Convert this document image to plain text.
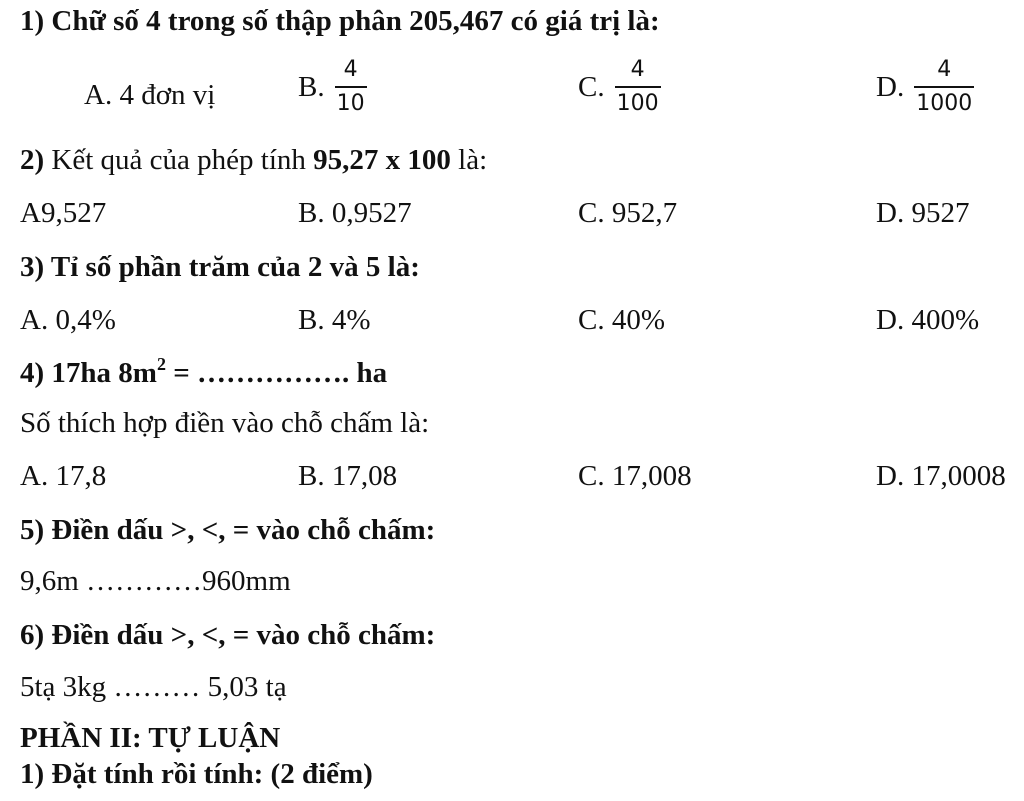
1) Chữ số 4 trong số thập phân 205,467 có giá trị là:
A. 4 đơn vị	B. $\frac{4}{10}$	C. $\frac{4}{100}$	D. $\frac{4}{1000}$
2) Kết quả của phép tính 95,27 x 100 là:
A9,527	B. 0,9527	C. 952,7	D. 9527
3) Tỉ số phần trăm của 2 và 5 là:
A. 0,4%	B. 4%	C. 40%	D. 400%
4) 17ha $8m^2$ = ……………. ha
Số thích hợp điền vào chỗ chấm là:
A. 17,8	B. 17,08	C. 17,008	D. 17,0008
5) Điền dấu >, <, = vào chỗ chấm:
9,6m …………960mm
6) Điền dấu >, <, = vào chỗ chấm:
5tạ 3kg ……… 5,03 tạ
PHẦN II: TỰ LUẬN
1) Đặt tính rồi tính: (2 điểm)
